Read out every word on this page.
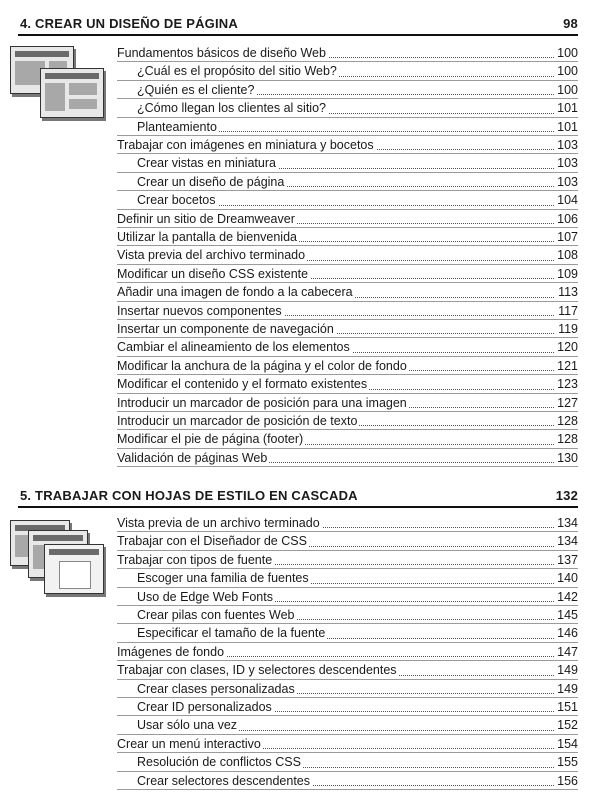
4. CREAR UN DISEÑO DE PÁGINA	98
Fundamentos básicos de diseño Web	100
¿Cuál es el propósito del sitio Web?	100
¿Quién es el cliente?	100
¿Cómo llegan los clientes al sitio?	101
Planteamiento	101
Trabajar con imágenes en miniatura y bocetos	103
Crear vistas en miniatura	103
Crear un diseño de página	103
Crear bocetos	104
Definir un sitio de Dreamweaver	106
Utilizar la pantalla de bienvenida	107
Vista previa del archivo terminado	108
Modificar un diseño CSS existente	109
Añadir una imagen de fondo a la cabecera	113
Insertar nuevos componentes	117
Insertar un componente de navegación	119
Cambiar el alineamiento de los elementos	120
Modificar la anchura de la página y el color de fondo	121
Modificar el contenido y el formato existentes	123
Introducir un marcador de posición para una imagen	127
Introducir un marcador de posición de texto	128
Modificar el pie de página (footer)	128
Validación de páginas Web	130
5. TRABAJAR CON HOJAS DE ESTILO EN CASCADA	132
Vista previa de un archivo terminado	134
Trabajar con el Diseñador de CSS	134
Trabajar con tipos de fuente	137
Escoger una familia de fuentes	140
Uso de Edge Web Fonts	142
Crear pilas con fuentes Web	145
Especificar el tamaño de la fuente	146
Imágenes de fondo	147
Trabajar con clases, ID y selectores descendentes	149
Crear clases personalizadas	149
Crear ID personalizados	151
Usar sólo una vez	152
Crear un menú interactivo	154
Resolución de conflictos CSS	155
Crear selectores descendentes	156
